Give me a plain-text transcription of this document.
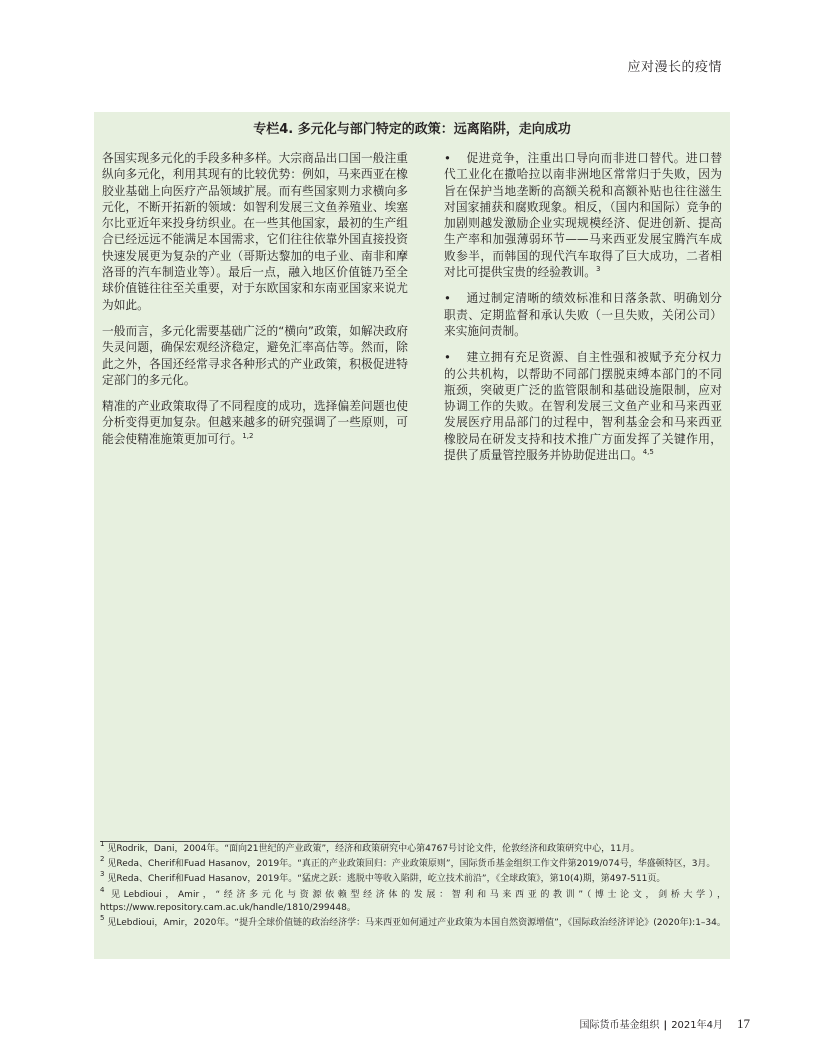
应对漫长的疫情
专栏4. 多元化与部门特定的政策：远离陷阱，走向成功

各国实现多元化的手段多种多样。大宗商品出口国一般注重纵向多元化，利用其现有的比较优势：例如，马来西亚在橡胶业基础上向医疗产品领域扩展。而有些国家则力求横向多元化，不断开拓新的领域：如智利发展三文鱼养殖业、埃塞尔比亚近年来投身纺织业。在一些其他国家，最初的生产组合已经远远不能满足本国需求，它们往往依靠外国直接投资快速发展更为复杂的产业（哥斯达黎加的电子业、南非和摩洛哥的汽车制造业等）。最后一点，融入地区价值链乃至全球价值链往往至关重要，对于东欧国家和东南亚国家来说尤为如此。

一般而言，多元化需要基础广泛的“横向”政策，如解决政府失灵问题，确保宏观经济稳定，避免汇率高估等。然而，除此之外，各国还经常寻求各种形式的产业政策，积极促进特定部门的多元化。

精准的产业政策取得了不同程度的成功，选择偏差问题也使分析变得更加复杂。但越来越多的研究强调了一些原则，可能会使精准施策更加可行。$^{1,2}$

• 促进竞争，注重出口导向而非进口替代。进口替代工业化在撒哈拉以南非洲地区常常归于失败，因为旨在保护当地垄断的高额关税和高额补贴也往往滋生对国家捕获和腐败现象。相反，（国内和国际）竞争的加剧则越发激励企业实现规模经济、促进创新、提高生产率和加强薄弱环节——马来西亚发展宝腾汽车成败参半，而韩国的现代汽车取得了巨大成功，二者相对比可提供宝贵的经验教训。$^3$
• 通过制定清晰的绩效标准和日落条款、明确划分职责、定期监督和承认失败（一旦失败，关闭公司）来实施问责制。
• 建立拥有充足资源、自主性强和被赋予充分权力的公共机构，以帮助不同部门摆脱束缚本部门的不同瓶颈，突破更广泛的监管限制和基础设施限制，应对协调工作的失败。在智利发展三文鱼产业和马来西亚发展医疗用品部门的过程中，智利基金会和马来西亚橡胶局在研发支持和技术推广方面发挥了关键作用，提供了质量管控服务并协助促进出口。$^{4,5}$
$^1$ 见Rodrik，Dani，2004年。“面向21世纪的产业政策”，经济和政策研究中心第4767号讨论文件，伦敦经济和政策研究中心，11月。
$^2$ 见Reda、Cherif和Fuad Hasanov，2019年。“真正的产业政策回归：产业政策原则”，国际货币基金组织工作文件第2019/074号，华盛顿特区，3月。
$^3$ 见Reda、Cherif和Fuad Hasanov，2019年。“猛虎之跃：逃脱中等收入陷阱，屹立技术前沿”，《全球政策》，第10(4)期，第497-511页。
$^4$ 见Lebdioui，Amir，“经济多元化与资源依赖型经济体的发展：智利和马来西亚的教训”（博士论文，剑桥大学），https://www.repository.cam.ac.uk/handle/1810/299448。
$^5$ 见Lebdioui，Amir，2020年。“提升全球价值链的政治经济学：马来西亚如何通过产业政策为本国自然资源增值”，《国际政治经济评论》(2020年):1–34。
国际货币基金组织 | 2021年4月 17
